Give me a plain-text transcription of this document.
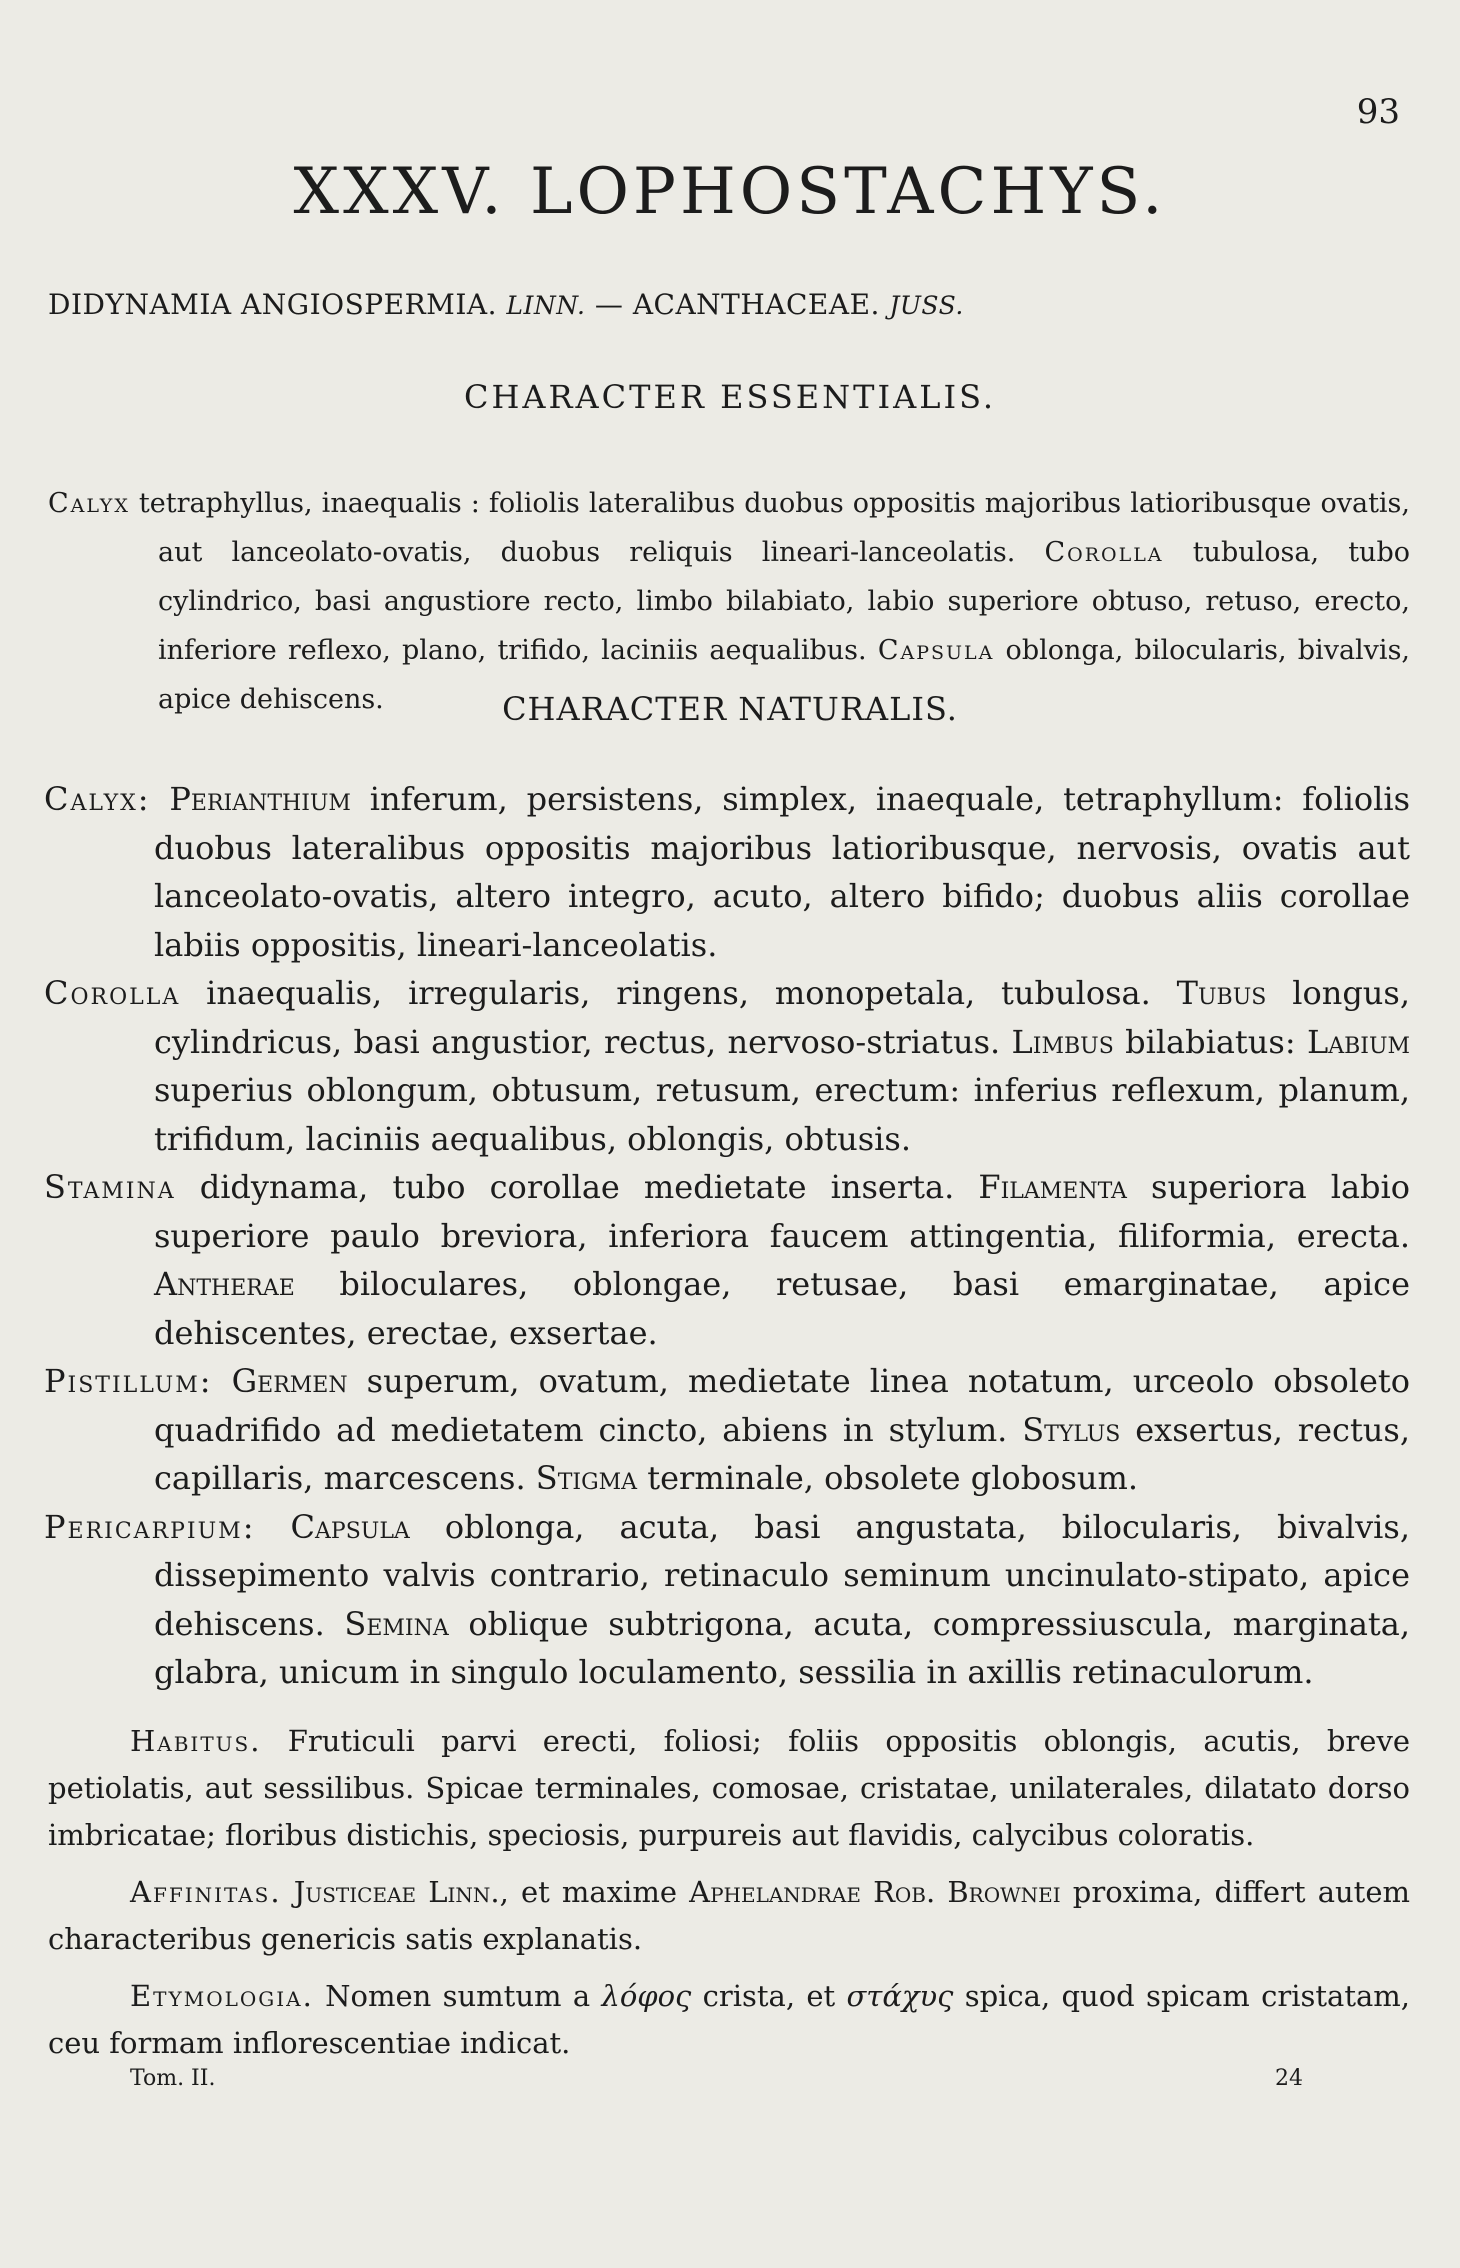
93
XXXV. LOPHOSTACHYS.
DIDYNAMIA ANGIOSPERMIA. LINN. — ACANTHACEAE. JUSS.
CHARACTER ESSENTIALIS.

Calyx tetraphyllus, inaequalis : foliolis lateralibus duobus oppositis majoribus latioribusque ovatis, aut lanceolato-ovatis, duobus reliquis lineari-lanceolatis. Corolla tubulosa, tubo cylindrico, basi angustiore recto, limbo bilabiato, labio superiore obtuso, retuso, erecto, inferiore reflexo, plano, trifido, laciniis aequalibus. Capsula oblonga, bilocularis, bivalvis, apice dehiscens.	CHARACTER NATURALIS.

Calyx: Perianthium inferum, persistens, simplex, inaequale, tetraphyllum: foliolis duobus lateralibus oppositis majoribus latioribusque, nervosis, ovatis aut lanceolato-ovatis, altero integro, acuto, altero bifido; duobus aliis corollae labiis oppositis, lineari-lanceolatis.

Corolla inaequalis, irregularis, ringens, monopetala, tubulosa. Tubus longus, cylindricus, basi angustior, rectus, nervoso-striatus. Limbus bilabiatus: Labium superius oblongum, obtusum, retusum, erectum: inferius reflexum, planum, trifidum, laciniis aequalibus, oblongis, obtusis.

Stamina didynama, tubo corollae medietate inserta. Filamenta superiora labio superiore paulo breviora, inferiora faucem attingentia, filiformia, erecta. Antherae biloculares, oblongae, retusae, basi emarginatae, apice dehiscentes, erectae, exsertae.

Pistillum: Germen superum, ovatum, medietate linea notatum, urceolo obsoleto quadrifido ad medietatem cincto, abiens in stylum. Stylus exsertus, rectus, capillaris, marcescens. Stigma terminale, obsolete globosum.

Pericarpium: Capsula oblonga, acuta, basi angustata, bilocularis, bivalvis, dissepimento valvis contrario, retinaculo seminum uncinulato-stipato, apice dehiscens. Semina oblique subtrigona, acuta, compressiuscula, marginata, glabra, unicum in singulo loculamento, sessilia in axillis retinaculorum.

Habitus. Fruticuli parvi erecti, foliosi; foliis oppositis oblongis, acutis, breve petiolatis, aut sessilibus. Spicae terminales, comosae, cristatae, unilaterales, dilatato dorso imbricatae; floribus distichis, speciosis, purpureis aut flavidis, calycibus coloratis.

Affinitas. Justiceae Linn., et maxime Aphelandrae Rob. Brownei proxima, differt autem characteribus genericis satis explanatis.

Etymologia. Nomen sumtum a λόφος crista, et στάχυς spica, quod spicam cristatam, ceu formam inflorescentiae indicat.

Tom. II.	24
